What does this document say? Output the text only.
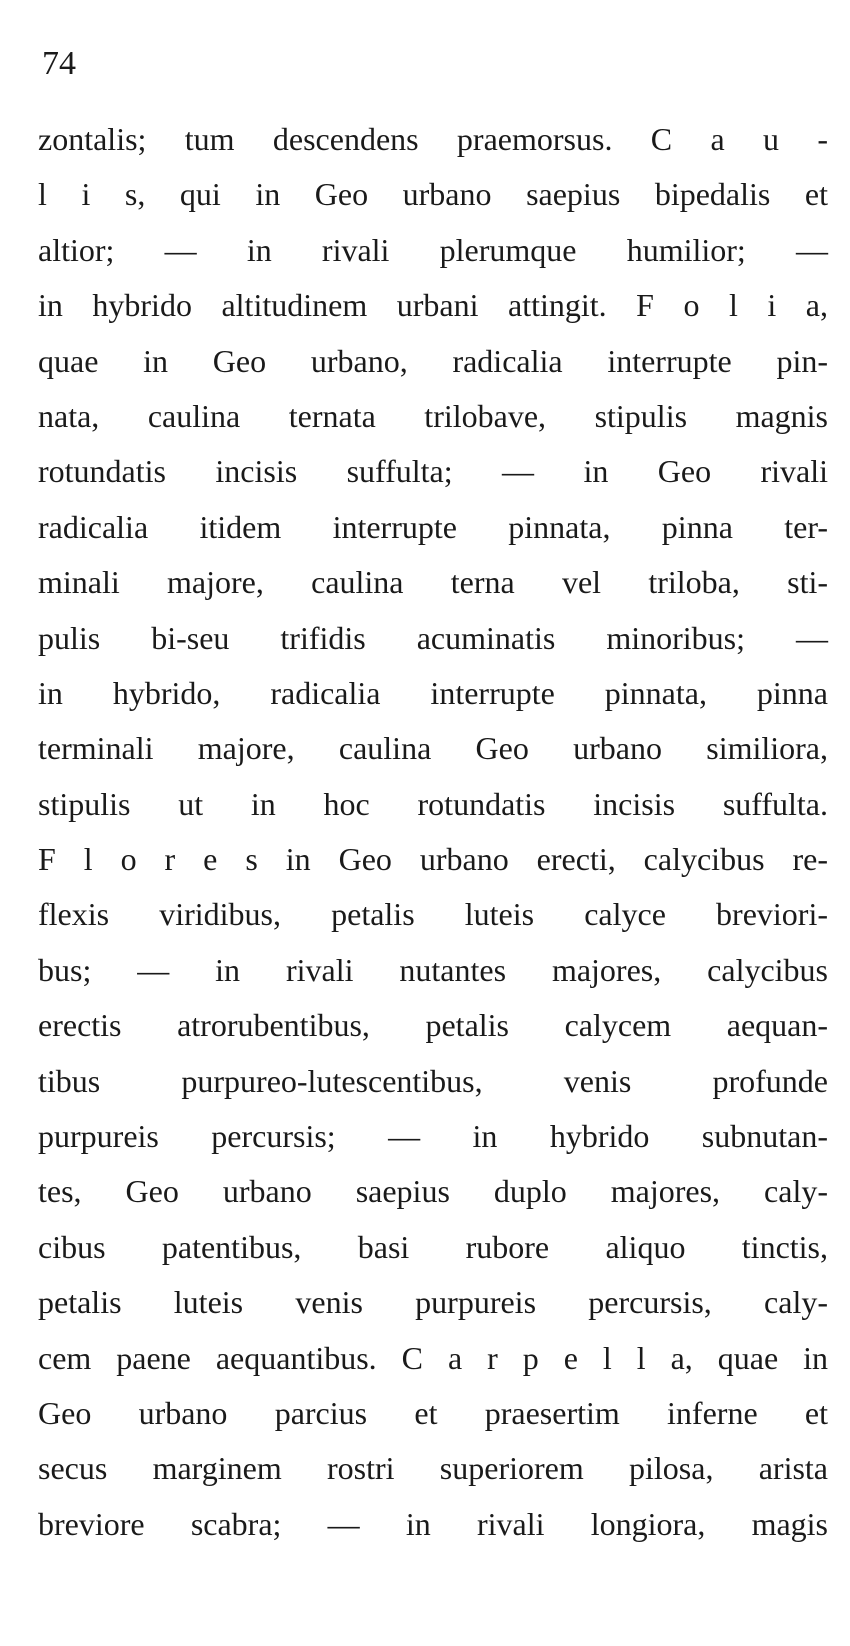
74
zontalis; tum descendens praemorsus. C a u -
l i s, qui in Geo urbano saepius bipedalis et
altior; — in rivali plerumque humilior; —
in hybrido altitudinem urbani attingit. F o l i a,
quae in Geo urbano, radicalia interrupte pin-
nata, caulina ternata trilobave, stipulis magnis
rotundatis incisis suffulta; — in Geo rivali
radicalia itidem interrupte pinnata, pinna ter-
minali majore, caulina terna vel triloba, sti-
pulis bi-seu trifidis acuminatis minoribus; —
in hybrido, radicalia interrupte pinnata, pinna
terminali majore, caulina Geo urbano similiora,
stipulis ut in hoc rotundatis incisis suffulta.
F l o r e s in Geo urbano erecti, calycibus re-
flexis viridibus, petalis luteis calyce breviori-
bus; — in rivali nutantes majores, calycibus
erectis atrorubentibus, petalis calycem aequan-
tibus purpureo-lutescentibus, venis profunde
purpureis percursis; — in hybrido subnutan-
tes, Geo urbano saepius duplo majores, caly-
cibus patentibus, basi rubore aliquo tinctis,
petalis luteis venis purpureis percursis, caly-
cem paene aequantibus. C a r p e l l a, quae in
Geo urbano parcius et praesertim inferne et
secus marginem rostri superiorem pilosa, arista
breviore scabra; — in rivali longiora, magis
